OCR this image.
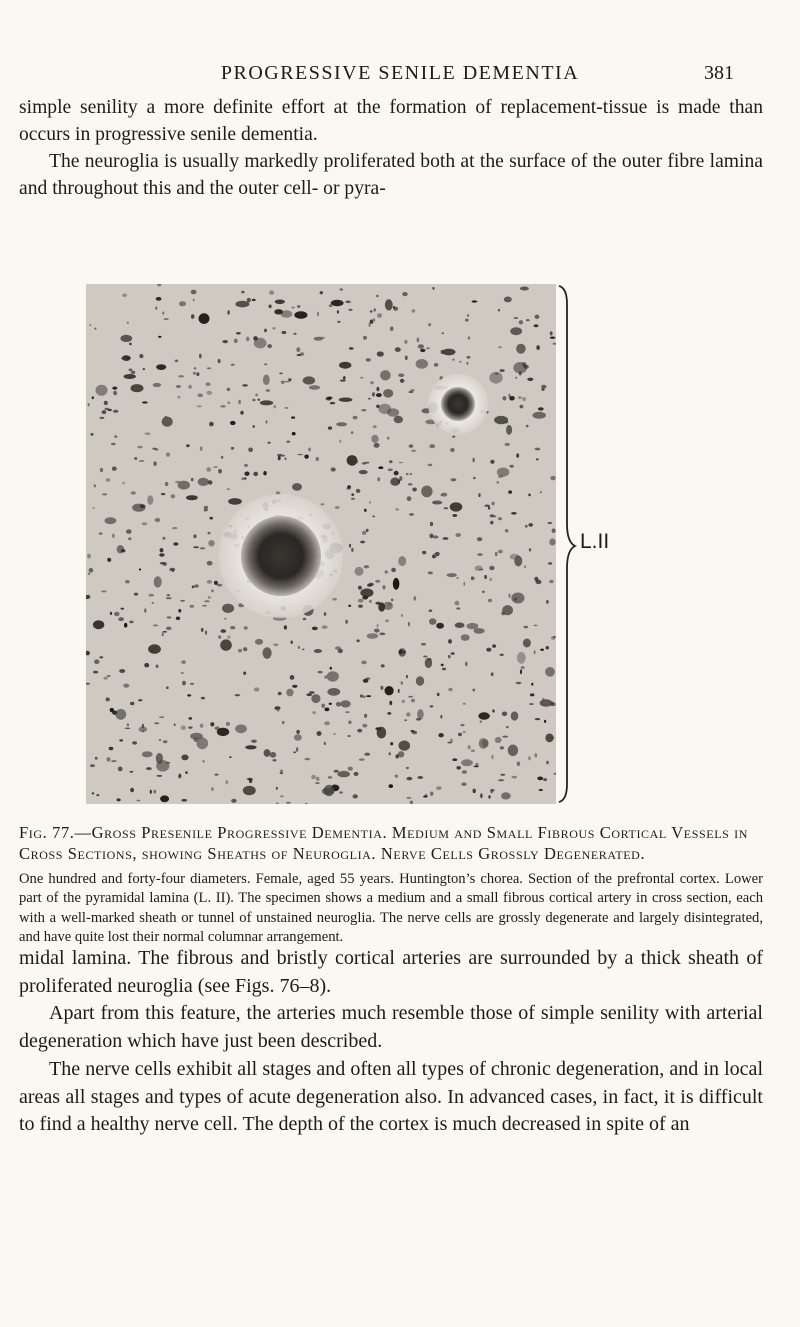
PROGRESSIVE SENILE DEMENTIA	381

simple senility a more definite effort at the formation of replacement-tissue is made than occurs in progressive senile dementia.

The neuroglia is usually markedly proliferated both at the surface of the outer fibre lamina and throughout this and the outer cell- or pyra-

L.II
Fig. 77.—Gross Presenile Progressive Dementia. Medium and Small Fibrous Cortical Vessels in Cross Sections, showing Sheaths of Neuroglia. Nerve Cells Grossly Degenerated.

One hundred and forty-four diameters. Female, aged 55 years. Huntington’s chorea. Section of the prefrontal cortex. Lower part of the pyramidal lamina (L. II). The specimen shows a medium and a small fibrous cortical artery in cross section, each with a well-marked sheath or tunnel of unstained neuroglia. The nerve cells are grossly degenerate and largely disintegrated, and have quite lost their normal columnar arrangement.

midal lamina. The fibrous and bristly cortical arteries are surrounded by a thick sheath of proliferated neuroglia (see Figs. 76–8).

Apart from this feature, the arteries much resemble those of simple senility with arterial degeneration which have just been described.

The nerve cells exhibit all stages and often all types of chronic degeneration, and in local areas all stages and types of acute degeneration also. In advanced cases, in fact, it is difficult to find a healthy nerve cell. The depth of the cortex is much decreased in spite of an
